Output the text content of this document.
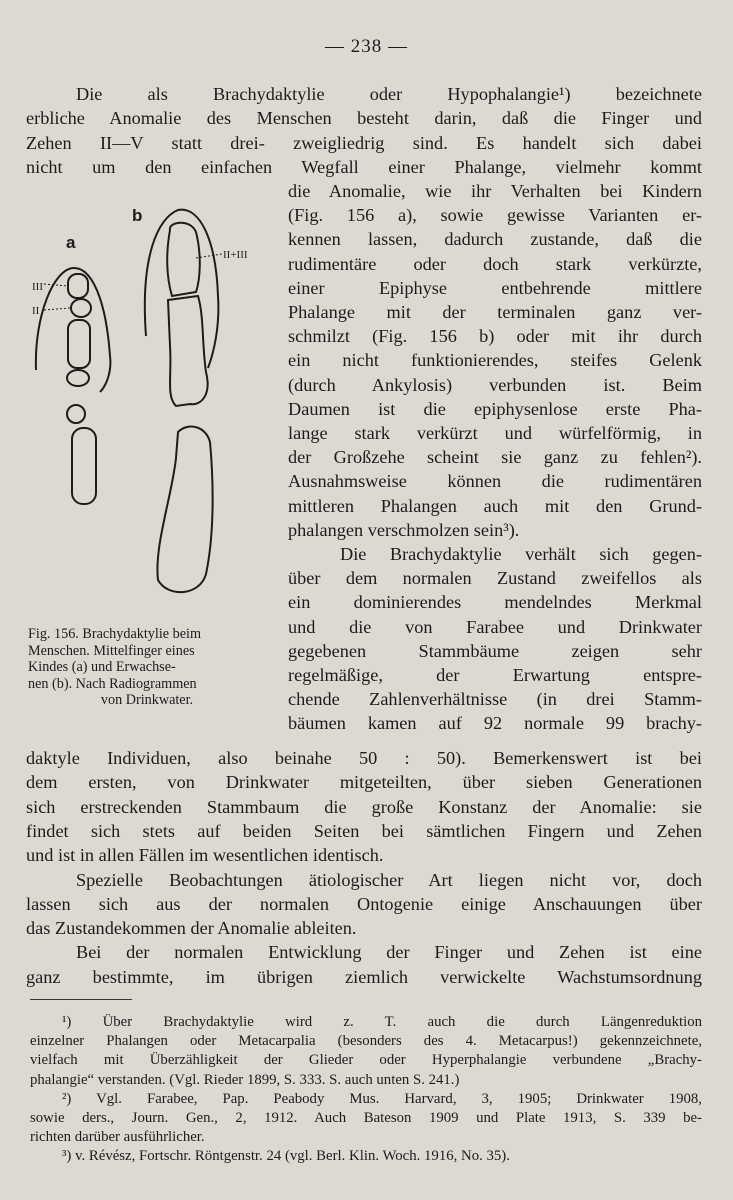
— 238 —
Die als Brachydaktylie oder Hypophalangie¹) bezeichnete
erbliche Anomalie des Menschen besteht darin, daß die Finger und
Zehen II—V statt drei- zweigliedrig sind. Es handelt sich dabei
nicht um den einfachen Wegfall einer Phalange, vielmehr kommt
die Anomalie, wie ihr Verhalten bei Kindern
(Fig. 156 a), sowie gewisse Varianten er-
kennen lassen, dadurch zustande, daß die
rudimentäre oder doch stark verkürzte,
einer Epiphyse entbehrende mittlere
Phalange mit der terminalen ganz ver-
schmilzt (Fig. 156 b) oder mit ihr durch
ein nicht funktionierendes, steifes Gelenk
(durch Ankylosis) verbunden ist. Beim
Daumen ist die epiphysenlose erste Pha-
lange stark verkürzt und würfelförmig, in
der Großzehe scheint sie ganz zu fehlen²).
Ausnahmsweise können die rudimentären
mittleren Phalangen auch mit den Grund-
phalangen verschmolzen sein³).
Die Brachydaktylie verhält sich gegen-
über dem normalen Zustand zweifellos als
ein dominierendes mendelndes Merkmal
und die von Farabee und Drinkwater
gegebenen Stammbäume zeigen sehr
regelmäßige, der Erwartung entspre-
chende Zahlenverhältnisse (in drei Stamm-
bäumen kamen auf 92 normale 99 brachy-
a
b
III
II
II+III
Fig. 156. Brachydaktylie beim
Menschen. Mittelfinger eines
Kindes (a) und Erwachse-
nen (b). Nach Radiogrammen
von Drinkwater.
daktyle Individuen, also beinahe 50 : 50). Bemerkenswert ist bei
dem ersten, von Drinkwater mitgeteilten, über sieben Generationen
sich erstreckenden Stammbaum die große Konstanz der Anomalie: sie
findet sich stets auf beiden Seiten bei sämtlichen Fingern und Zehen
und ist in allen Fällen im wesentlichen identisch.
Spezielle Beobachtungen ätiologischer Art liegen nicht vor, doch
lassen sich aus der normalen Ontogenie einige Anschauungen über
das Zustandekommen der Anomalie ableiten.
Bei der normalen Entwicklung der Finger und Zehen ist eine
ganz bestimmte, im übrigen ziemlich verwickelte Wachstumsordnung
¹) Über Brachydaktylie wird z. T. auch die durch Längenreduktion
einzelner Phalangen oder Metacarpalia (besonders des 4. Metacarpus!) gekennzeichnete,
vielfach mit Überzähligkeit der Glieder oder Hyperphalangie verbundene „Brachy-
phalangie“ verstanden. (Vgl. Rieder 1899, S. 333. S. auch unten S. 241.)
²) Vgl. Farabee, Pap. Peabody Mus. Harvard, 3, 1905; Drinkwater 1908,
sowie ders., Journ. Gen., 2, 1912. Auch Bateson 1909 und Plate 1913, S. 339 be-
richten darüber ausführlicher.
³) v. Révész, Fortschr. Röntgenstr. 24 (vgl. Berl. Klin. Woch. 1916, No. 35).
